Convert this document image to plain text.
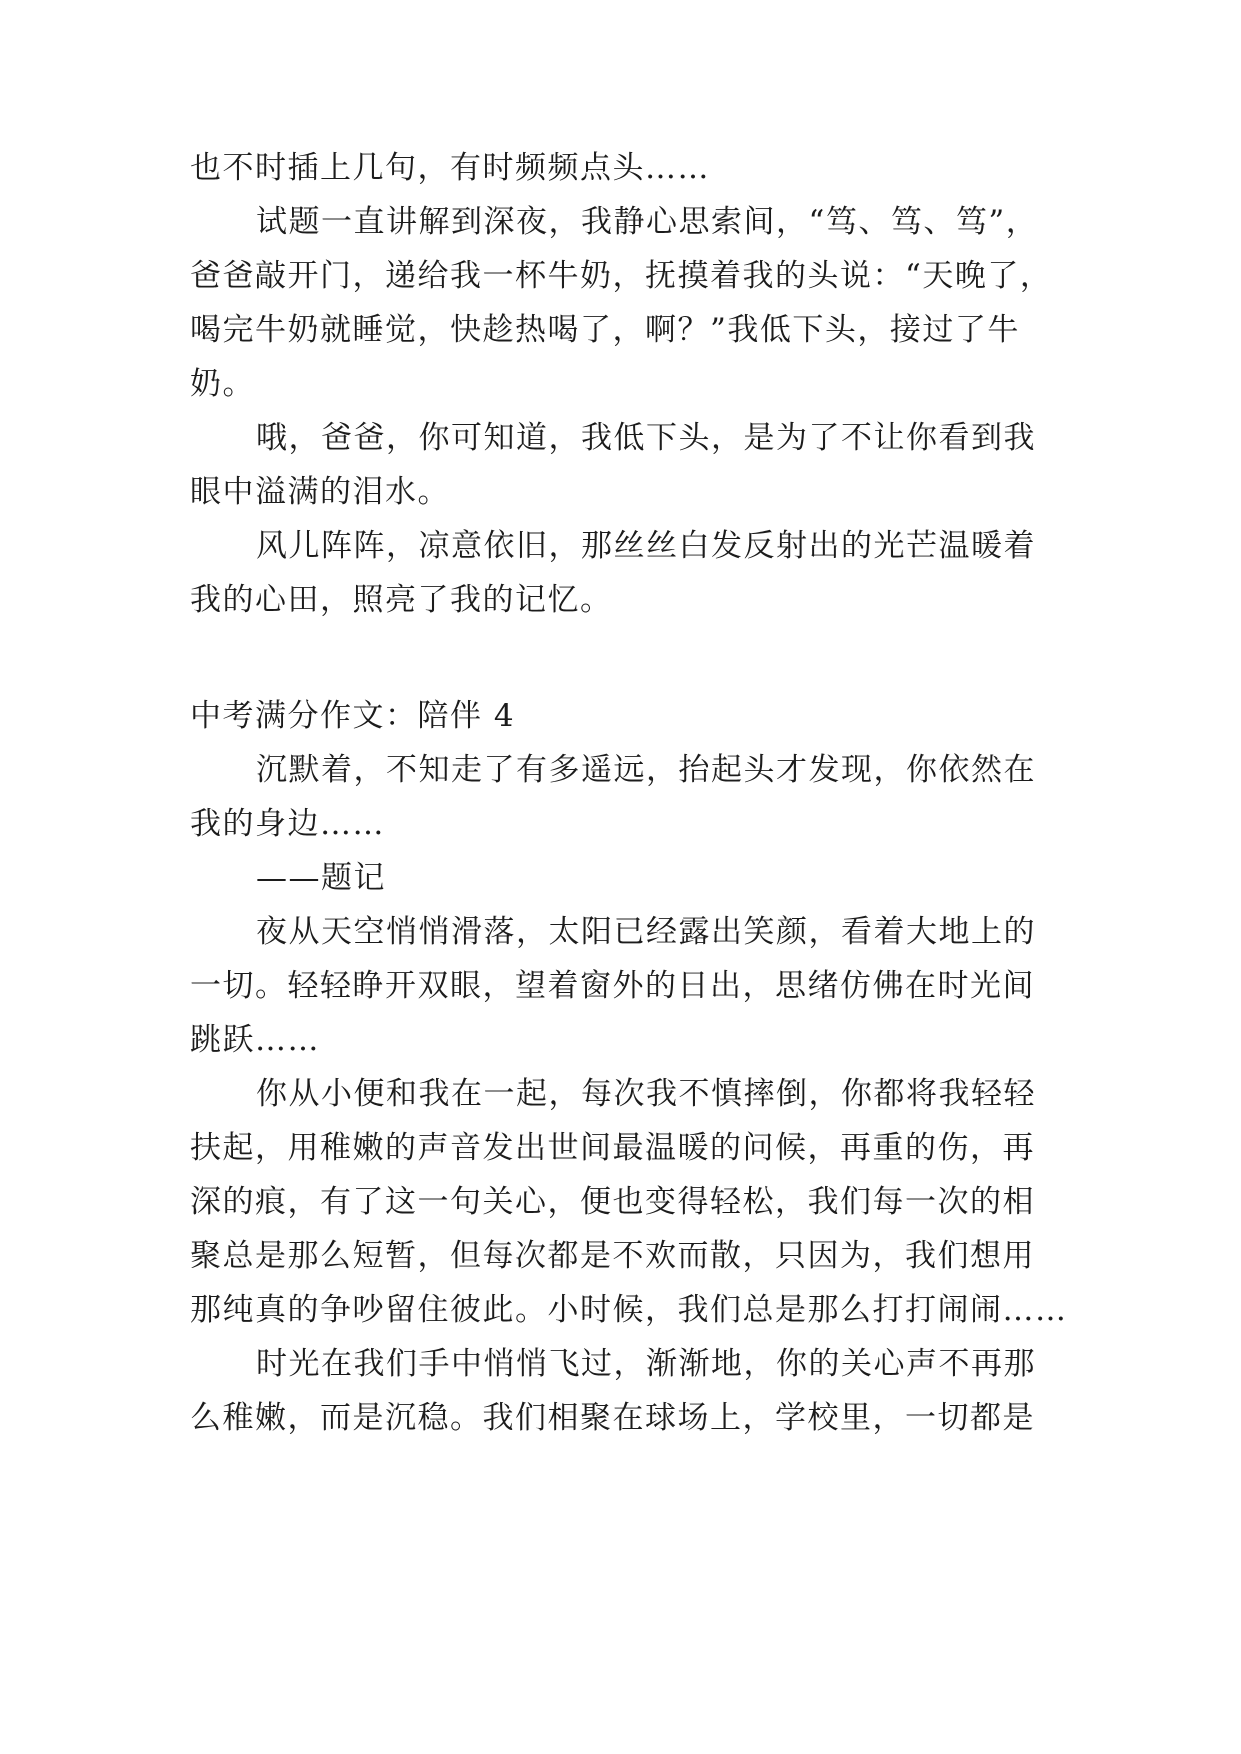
也不时插上几句，有时频频点头……
试题一直讲解到深夜，我静心思索间，“笃、笃、笃”，
爸爸敲开门，递给我一杯牛奶，抚摸着我的头说：“天晚了，
喝完牛奶就睡觉，快趁热喝了，啊？”我低下头，接过了牛
奶。
哦，爸爸，你可知道，我低下头，是为了不让你看到我
眼中溢满的泪水。
风儿阵阵，凉意依旧，那丝丝白发反射出的光芒温暖着
我的心田，照亮了我的记忆。
中考满分作文：陪伴 4
沉默着，不知走了有多遥远，抬起头才发现，你依然在
我的身边……
——题记
夜从天空悄悄滑落，太阳已经露出笑颜，看着大地上的
一切。轻轻睁开双眼，望着窗外的日出，思绪仿佛在时光间
跳跃……
你从小便和我在一起，每次我不慎摔倒，你都将我轻轻
扶起，用稚嫩的声音发出世间最温暖的问候，再重的伤，再
深的痕，有了这一句关心，便也变得轻松，我们每一次的相
聚总是那么短暂，但每次都是不欢而散，只因为，我们想用
那纯真的争吵留住彼此。小时候，我们总是那么打打闹闹……
时光在我们手中悄悄飞过，渐渐地，你的关心声不再那
么稚嫩，而是沉稳。我们相聚在球场上，学校里，一切都是
